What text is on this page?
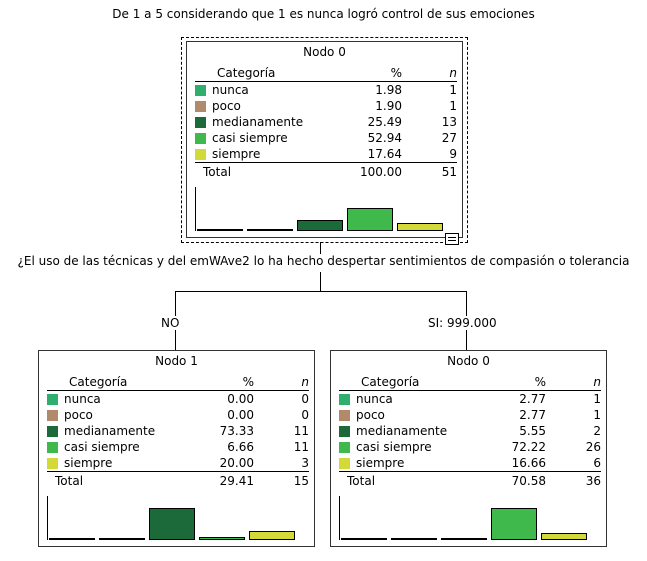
De 1 a 5 considerando que 1 es nunca logró control de sus emociones
Nodo 0
Categoría	%	n
nunca	1.98	1
poco	1.90	1
medianamente	25.49	13
casi siempre	52.94	27
siempre	17.64	9
Total	100.00	51
¿El uso de las técnicas y del emWAve2 lo ha hecho despertar sentimientos de compasión o tolerancia
NO	SI: 999.000
Nodo 1
Categoría	%	n
nunca	0.00	0
poco	0.00	0
medianamente	73.33	11
casi siempre	6.66	11
siempre	20.00	3
Total	29.41	15
Nodo 0
Categoría	%	n
nunca	2.77	1
poco	2.77	1
medianamente	5.55	2
casi siempre	72.22	26
siempre	16.66	6
Total	70.58	36
